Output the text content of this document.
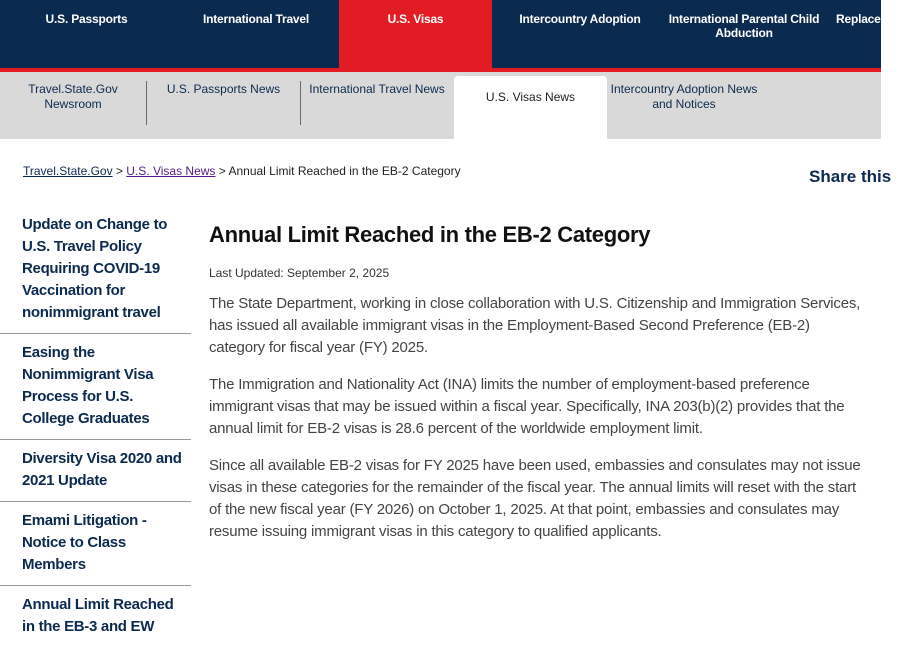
U.S. Passports	International Travel	U.S. Visas	Intercountry Adoption	International Parental Child Abduction
Replace o
Travel.State.Gov Newsroom
U.S. Passports News	International Travel News
U.S. Visas News
Intercountry Adoption News and Notices
Travel.State.Gov > U.S. Visas News > Annual Limit Reached in the EB-2 Category	Share this
Update on Change to U.S. Travel Policy Requiring COVID-19 Vaccination for nonimmigrant travel
Easing the Nonimmigrant Visa Process for U.S. College Graduates
Diversity Visa 2020 and 2021 Update
Emami Litigation - Notice to Class Members
Annual Limit Reached in the EB-3 and EW
Annual Limit Reached in the EB-2 Category
Last Updated: September 2, 2025

The State Department, working in close collaboration with U.S. Citizenship and Immigration Services, has issued all available immigrant visas in the Employment-Based Second Preference (EB-2) category for fiscal year (FY) 2025.

The Immigration and Nationality Act (INA) limits the number of employment-based preference immigrant visas that may be issued within a fiscal year. Specifically, INA 203(b)(2) provides that the annual limit for EB-2 visas is 28.6 percent of the worldwide employment limit.

Since all available EB-2 visas for FY 2025 have been used, embassies and consulates may not issue visas in these categories for the remainder of the fiscal year. The annual limits will reset with the start of the new fiscal year (FY 2026) on October 1, 2025. At that point, embassies and consulates may resume issuing immigrant visas in this category to qualified applicants.
